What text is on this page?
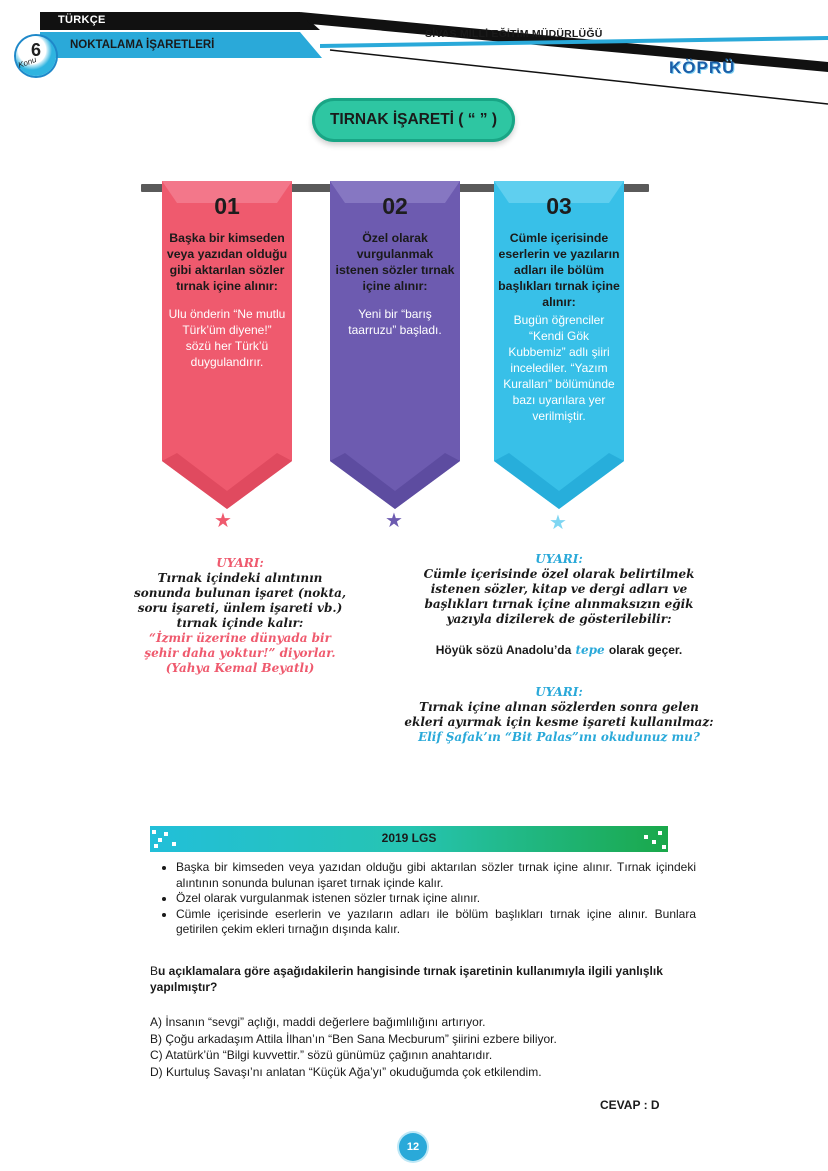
TÜRKÇE
NOKTALAMA İŞARETLERİ
6
Konu
SİVAS MİLLİ EĞİTİM MÜDÜRLÜĞÜ
KÖPRÜ
TIRNAK İŞARETİ ( “ ” )
01
Başka bir kimseden veya yazıdan olduğu gibi aktarılan sözler tırnak içine alınır:
Ulu önderin “Ne mutlu Türk’üm diyene!” sözü her Türk’ü duygulandırır.
★
02
Özel olarak vurgulanmak istenen sözler tırnak içine alınır:
Yeni bir “barış taarruzu” başladı.
★
03
Cümle içerisinde eserlerin ve yazıların adları ile bölüm başlıkları tırnak içine alınır:
Bugün öğrenciler “Kendi Gök Kubbemiz” adlı şiiri incelediler. “Yazım Kuralları” bölümünde bazı uyarılara yer verilmiştir.
★
UYARI:
Tırnak içindeki alıntının sonunda bulunan işaret (nokta, soru işareti, ünlem işareti vb.) tırnak içinde kalır:
“İzmir üzerine dünyada bir şehir daha yoktur!” diyorlar. (Yahya Kemal Beyatlı)
UYARI:
Cümle içerisinde özel olarak belirtilmek istenen sözler, kitap ve dergi adları ve başlıkları tırnak içine alınmaksızın eğik yazıyla dizilerek de gösterilebilir:
Höyük sözü Anadolu’da tepe olarak geçer.
UYARI:
Tırnak içine alınan sözlerden sonra gelen ekleri ayırmak için kesme işareti kullanılmaz:
Elif Şafak’ın “Bit Palas”ını okudunuz mu?
2019 LGS
• Başka bir kimseden veya yazıdan olduğu gibi aktarılan sözler tırnak içine alınır. Tırnak içindeki alıntının sonunda bulunan işaret tırnak içinde kalır.
• Özel olarak vurgulanmak istenen sözler tırnak içine alınır.
• Cümle içerisinde eserlerin ve yazıların adları ile bölüm başlıkları tırnak içine alınır. Bunlara getirilen çekim ekleri tırnağın dışında kalır.
Bu açıklamalara göre aşağıdakilerin hangisinde tırnak işaretinin kullanımıyla ilgili yanlışlık yapılmıştır?
A) İnsanın “sevgi” açlığı, maddi değerlere bağımlılığını artırıyor.
B) Çoğu arkadaşım Attila İlhan’ın “Ben Sana Mecburum” şiirini ezbere biliyor.
C) Atatürk’ün “Bilgi kuvvettir.” sözü günümüz çağının anahtarıdır.
D) Kurtuluş Savaşı’nı anlatan “Küçük Ağa’yı” okuduğumda çok etkilendim.
CEVAP : D
12
